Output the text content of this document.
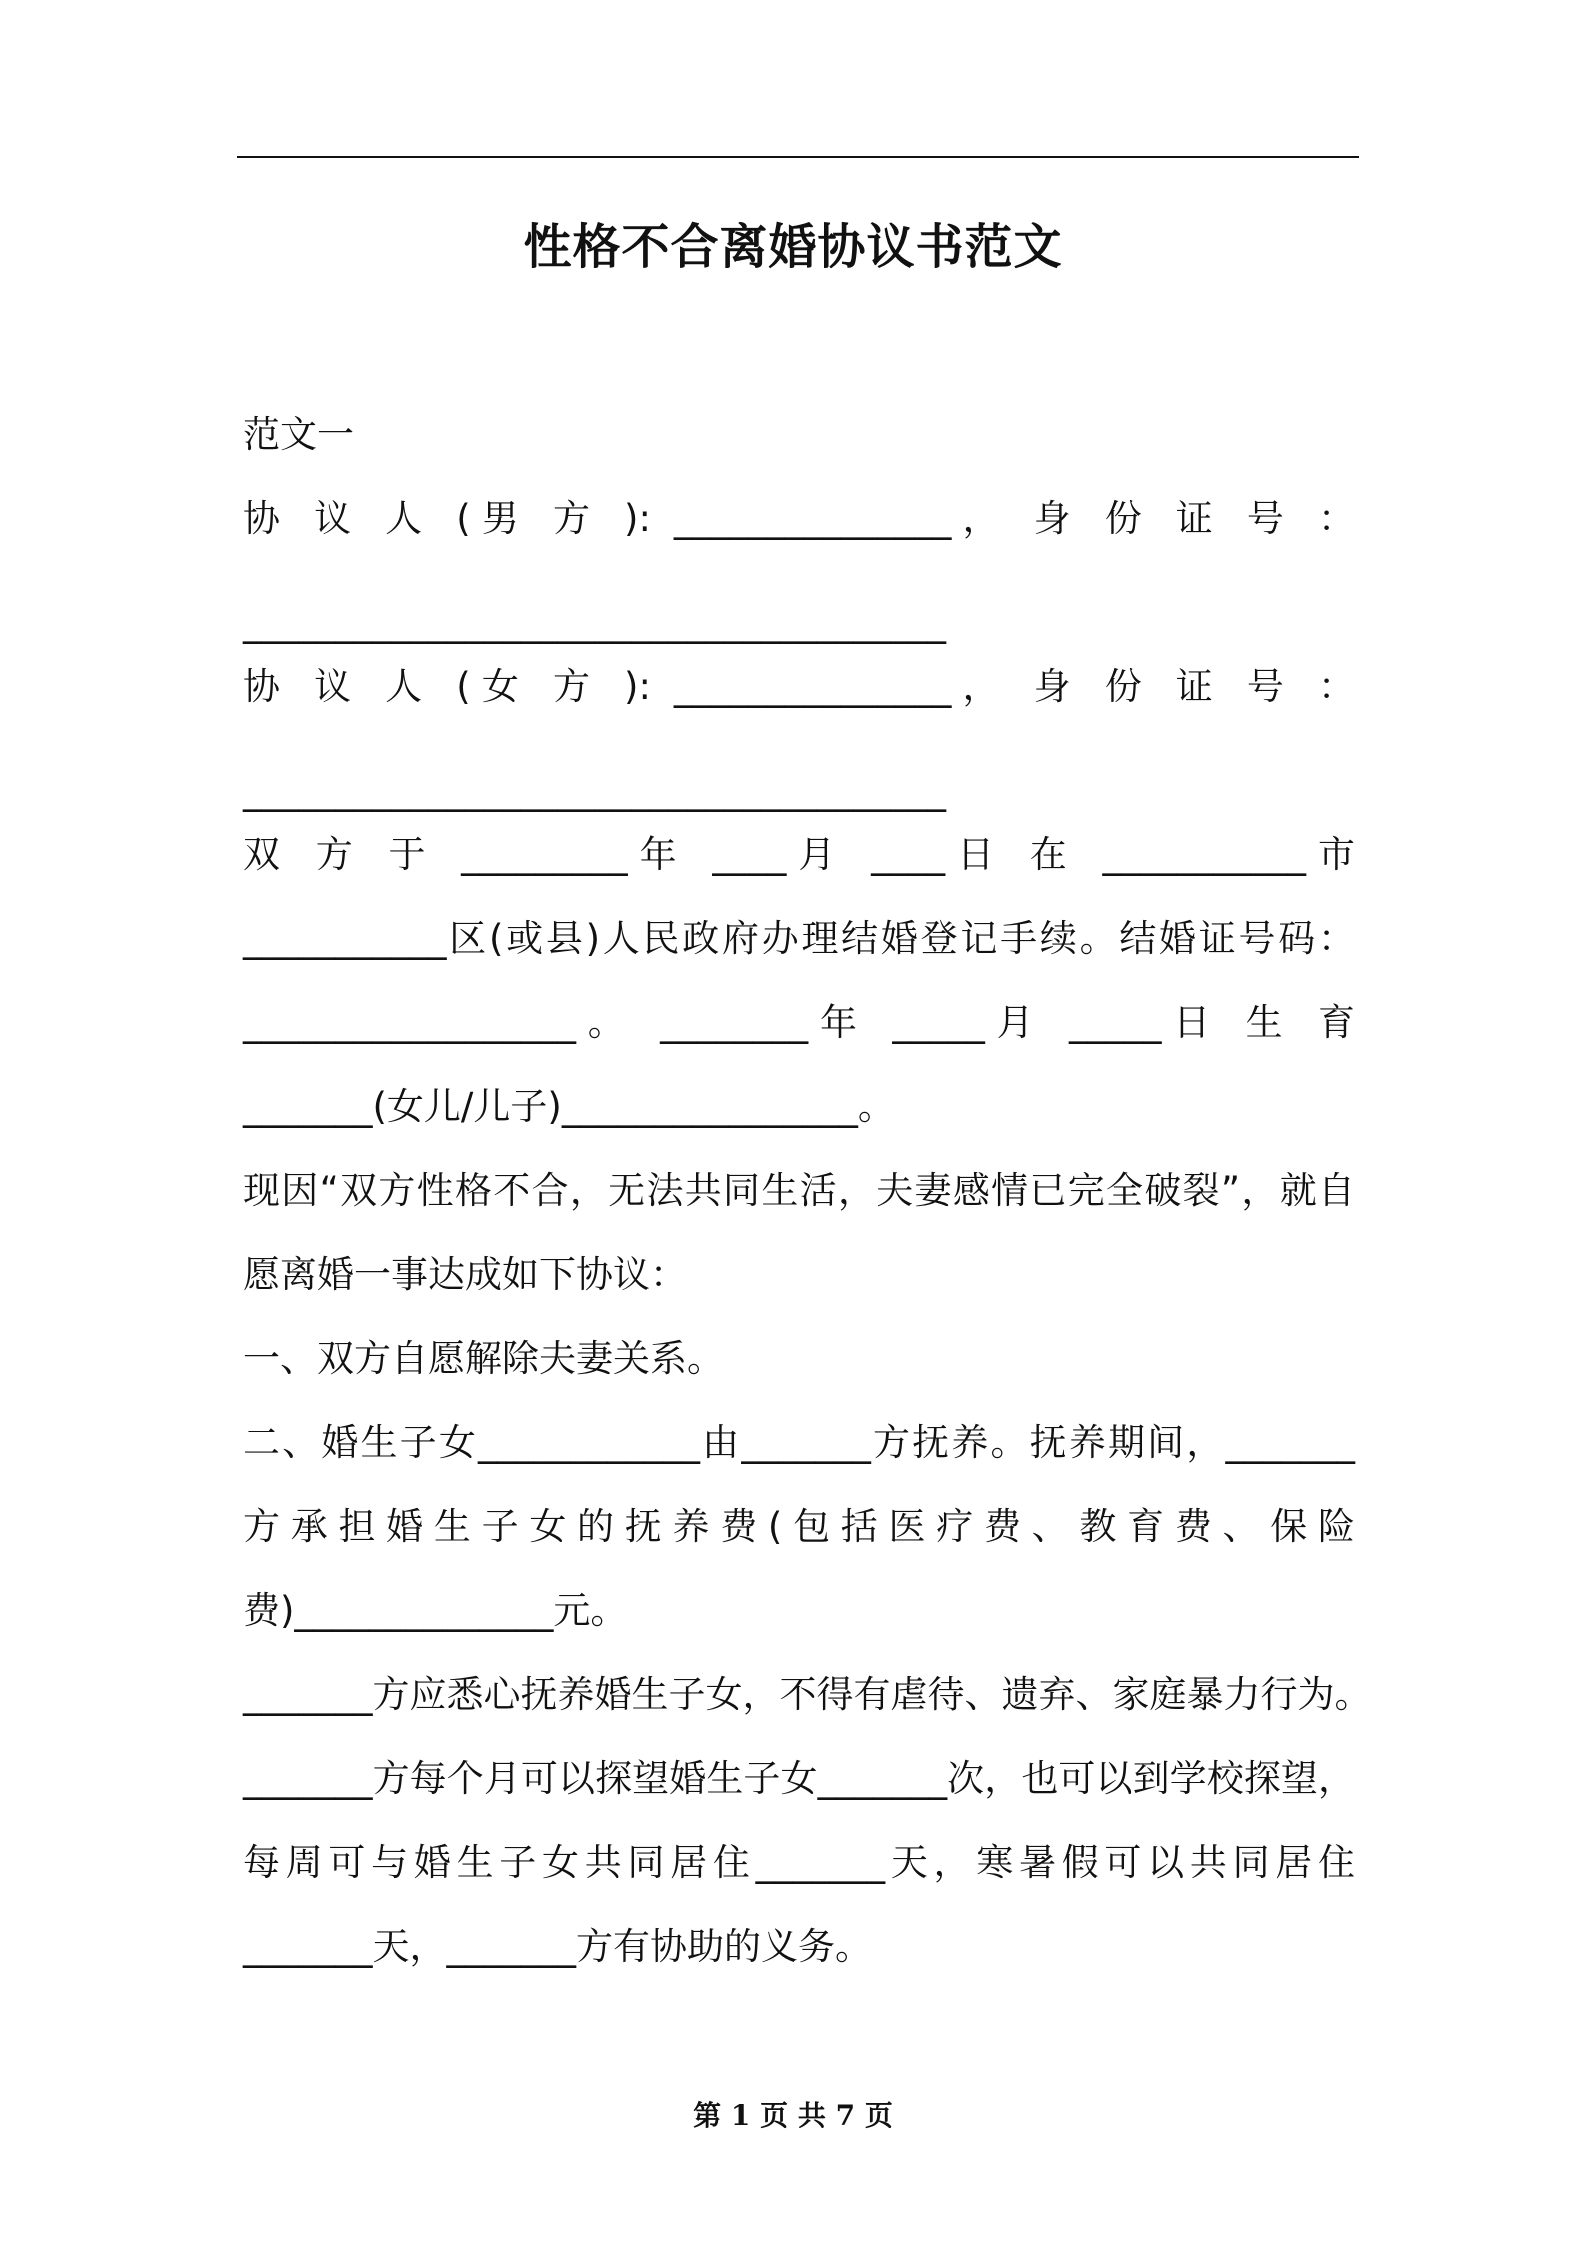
性格不合离婚协议书范文
范文一
协 议 人 (男 方 ): _______________， 身 份 证 号 ：
______________________________________
协 议 人 (女 方 ): _______________， 身 份 证 号 ：
______________________________________
双 方 于 _________年 ____月 ____日 在 ___________市
___________区(或县)人民政府办理结婚登记手续。结婚证号码：
__________________。 ________年 _____月 _____日 生 育
_______(女儿/儿子)________________。
现因“双方性格不合，无法共同生活，夫妻感情已完全破裂”，就自
愿离婚一事达成如下协议：
一、双方自愿解除夫妻关系。
二、婚生子女____________由_______方抚养。抚养期间，_______
方承担婚生子女的抚养费(包括医疗费、教育费、保险
费)______________元。
_______方应悉心抚养婚生子女，不得有虐待、遗弃、家庭暴力行为。
_______方每个月可以探望婚生子女_______次，也可以到学校探望，
每周可与婚生子女共同居住_______天，寒暑假可以共同居住
_______天，_______方有协助的义务。
第 1 页 共 7 页
